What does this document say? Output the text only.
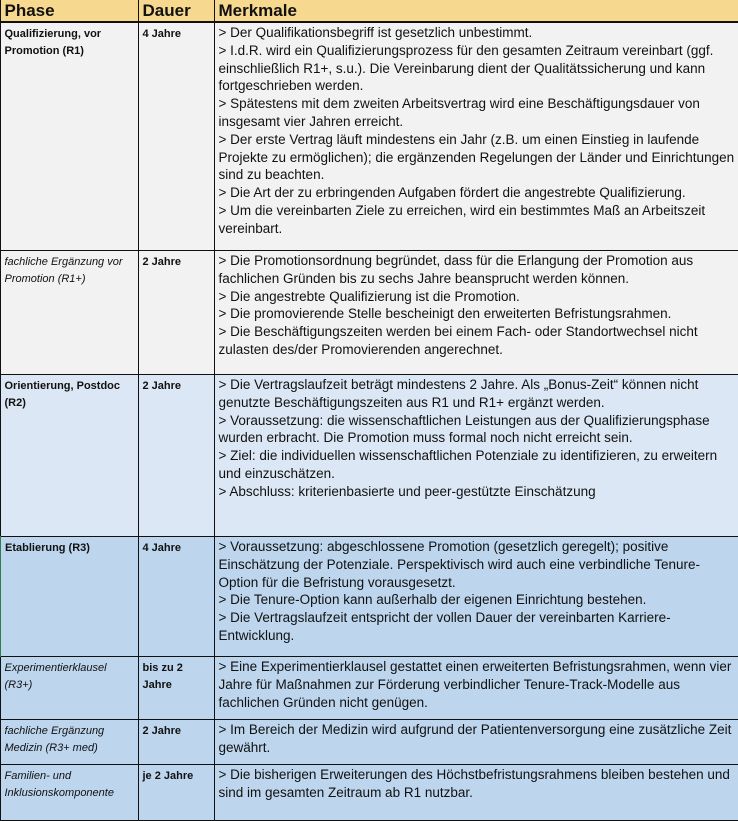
Phase	Dauer	Merkmale
Qualifizierung, vor Promotion (R1)	4 Jahre	> Der Qualifikationsbegriff ist gesetzlich unbestimmt.
> I.d.R. wird ein Qualifizierungsprozess für den gesamten Zeitraum vereinbart (ggf. einschließlich R1+, s.u.). Die Vereinbarung dient der Qualitätssicherung und kann fortgeschrieben werden.
> Spätestens mit dem zweiten Arbeitsvertrag wird eine Beschäftigungsdauer von insgesamt vier Jahren erreicht.
> Der erste Vertrag läuft mindestens ein Jahr (z.B. um einen Einstieg in laufende Projekte zu ermöglichen); die ergänzenden Regelungen der Länder und Einrichtungen sind zu beachten.
> Die Art der zu erbringenden Aufgaben fördert die angestrebte Qualifizierung.
> Um die vereinbarten Ziele zu erreichen, wird ein bestimmtes Maß an Arbeitszeit vereinbart.

fachliche Ergänzung vor Promotion (R1+)	2 Jahre	> Die Promotionsordnung begründet, dass für die Erlangung der Promotion aus fachlichen Gründen bis zu sechs Jahre beansprucht werden können.
> Die angestrebte Qualifizierung ist die Promotion.
> Die promovierende Stelle bescheinigt den erweiterten Befristungsrahmen.
> Die Beschäftigungszeiten werden bei einem Fach- oder Standortwechsel nicht zulasten des/der Promovierenden angerechnet.

Orientierung, Postdoc (R2)	2 Jahre	> Die Vertragslaufzeit beträgt mindestens 2 Jahre. Als „Bonus-Zeit“ können nicht genutzte Beschäftigungszeiten aus R1 und R1+ ergänzt werden.
> Voraussetzung: die wissenschaftlichen Leistungen aus der Qualifizierungsphase wurden erbracht. Die Promotion muss formal noch nicht erreicht sein.
> Ziel: die individuellen wissenschaftlichen Potenziale zu identifizieren, zu erweitern und einzuschätzen.
> Abschluss: kriterienbasierte und peer-gestützte Einschätzung

Etablierung (R3)	4 Jahre	> Voraussetzung: abgeschlossene Promotion (gesetzlich geregelt); positive Einschätzung der Potenziale. Perspektivisch wird auch eine verbindliche Tenure-Option für die Befristung vorausgesetzt.
> Die Tenure-Option kann außerhalb der eigenen Einrichtung bestehen.
> Die Vertragslaufzeit entspricht der vollen Dauer der vereinbarten Karriere-Entwicklung.

Experimentierklausel (R3+)	bis zu 2 Jahre	> Eine Experimentierklausel gestattet einen erweiterten Befristungsrahmen, wenn vier Jahre für Maßnahmen zur Förderung verbindlicher Tenure-Track-Modelle aus fachlichen Gründen nicht genügen.

fachliche Ergänzung Medizin (R3+ med)	2 Jahre	> Im Bereich der Medizin wird aufgrund der Patientenversorgung eine zusätzliche Zeit gewährt.

Familien- und Inklusionskomponente	je 2 Jahre	> Die bisherigen Erweiterungen des Höchstbefristungsrahmens bleiben bestehen und sind im gesamten Zeitraum ab R1 nutzbar.
